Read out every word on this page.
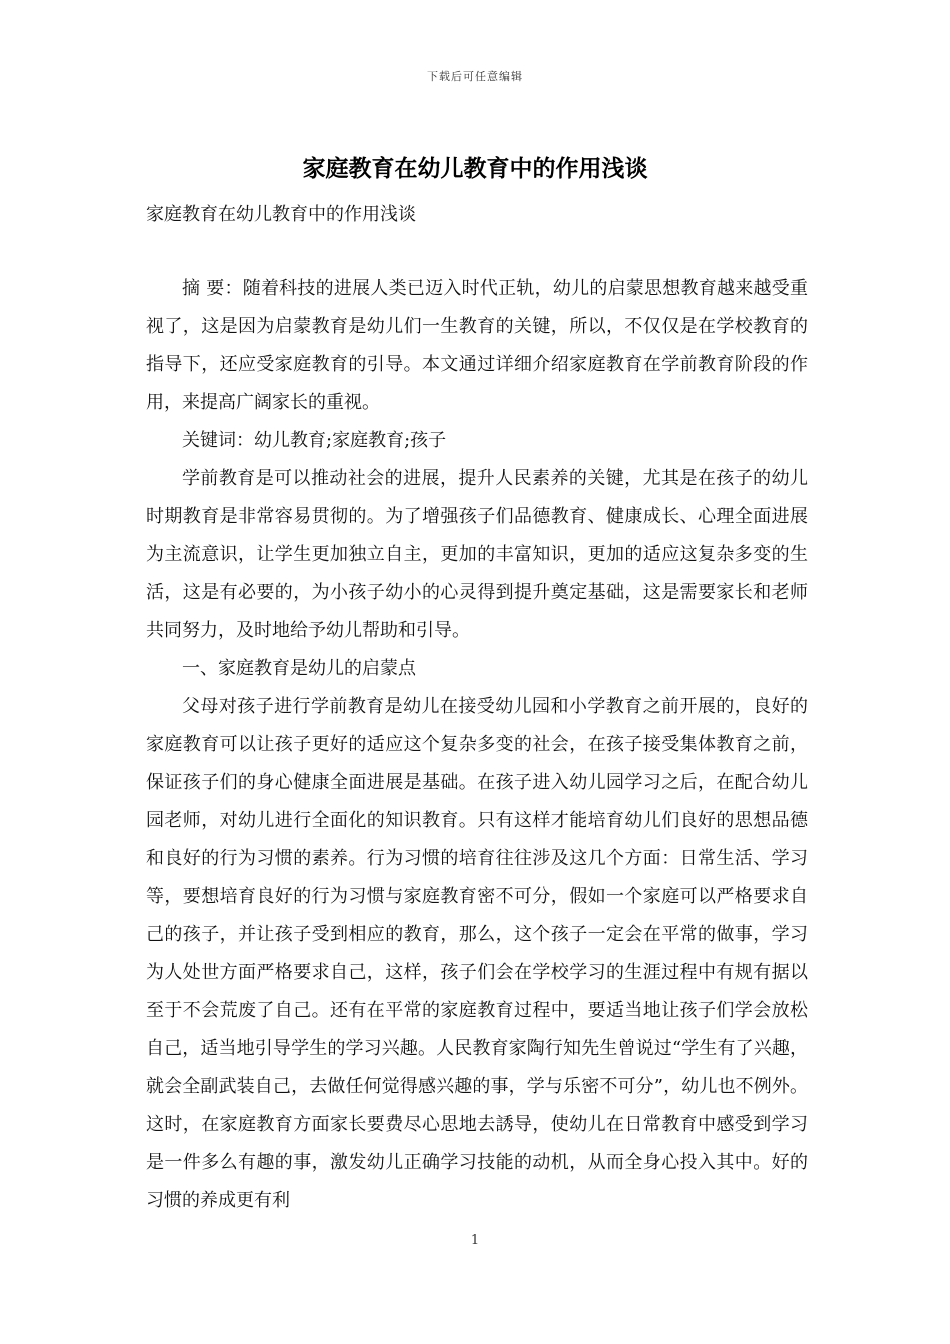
下载后可任意编辑
家庭教育在幼儿教育中的作用浅谈
家庭教育在幼儿教育中的作用浅谈

摘 要：随着科技的进展人类已迈入时代正轨，幼儿的启蒙思想教育越来越受重视了，这是因为启蒙教育是幼儿们一生教育的关键，所以，不仅仅是在学校教育的指导下，还应受家庭教育的引导。本文通过详细介绍家庭教育在学前教育阶段的作用，来提高广阔家长的重视。

关键词：幼儿教育;家庭教育;孩子

学前教育是可以推动社会的进展，提升人民素养的关键，尤其是在孩子的幼儿时期教育是非常容易贯彻的。为了增强孩子们品德教育、健康成长、心理全面进展为主流意识，让学生更加独立自主，更加的丰富知识，更加的适应这复杂多变的生活，这是有必要的，为小孩子幼小的心灵得到提升奠定基础，这是需要家长和老师共同努力，及时地给予幼儿帮助和引导。

一、家庭教育是幼儿的启蒙点

父母对孩子进行学前教育是幼儿在接受幼儿园和小学教育之前开展的，良好的家庭教育可以让孩子更好的适应这个复杂多变的社会，在孩子接受集体教育之前，保证孩子们的身心健康全面进展是基础。在孩子进入幼儿园学习之后，在配合幼儿园老师，对幼儿进行全面化的知识教育。只有这样才能培育幼儿们良好的思想品德和良好的行为习惯的素养。行为习惯的培育往往涉及这几个方面：日常生活、学习等，要想培育良好的行为习惯与家庭教育密不可分，假如一个家庭可以严格要求自己的孩子，并让孩子受到相应的教育，那么，这个孩子一定会在平常的做事，学习为人处世方面严格要求自己，这样，孩子们会在学校学习的生涯过程中有规有据以至于不会荒废了自己。还有在平常的家庭教育过程中，要适当地让孩子们学会放松自己，适当地引导学生的学习兴趣。人民教育家陶行知先生曾说过“学生有了兴趣，就会全副武装自己，去做任何觉得感兴趣的事，学与乐密不可分”，幼儿也不例外。这时，在家庭教育方面家长要费尽心思地去誘导，使幼儿在日常教育中感受到学习是一件多么有趣的事，激发幼儿正确学习技能的动机，从而全身心投入其中。好的习惯的养成更有利

1
